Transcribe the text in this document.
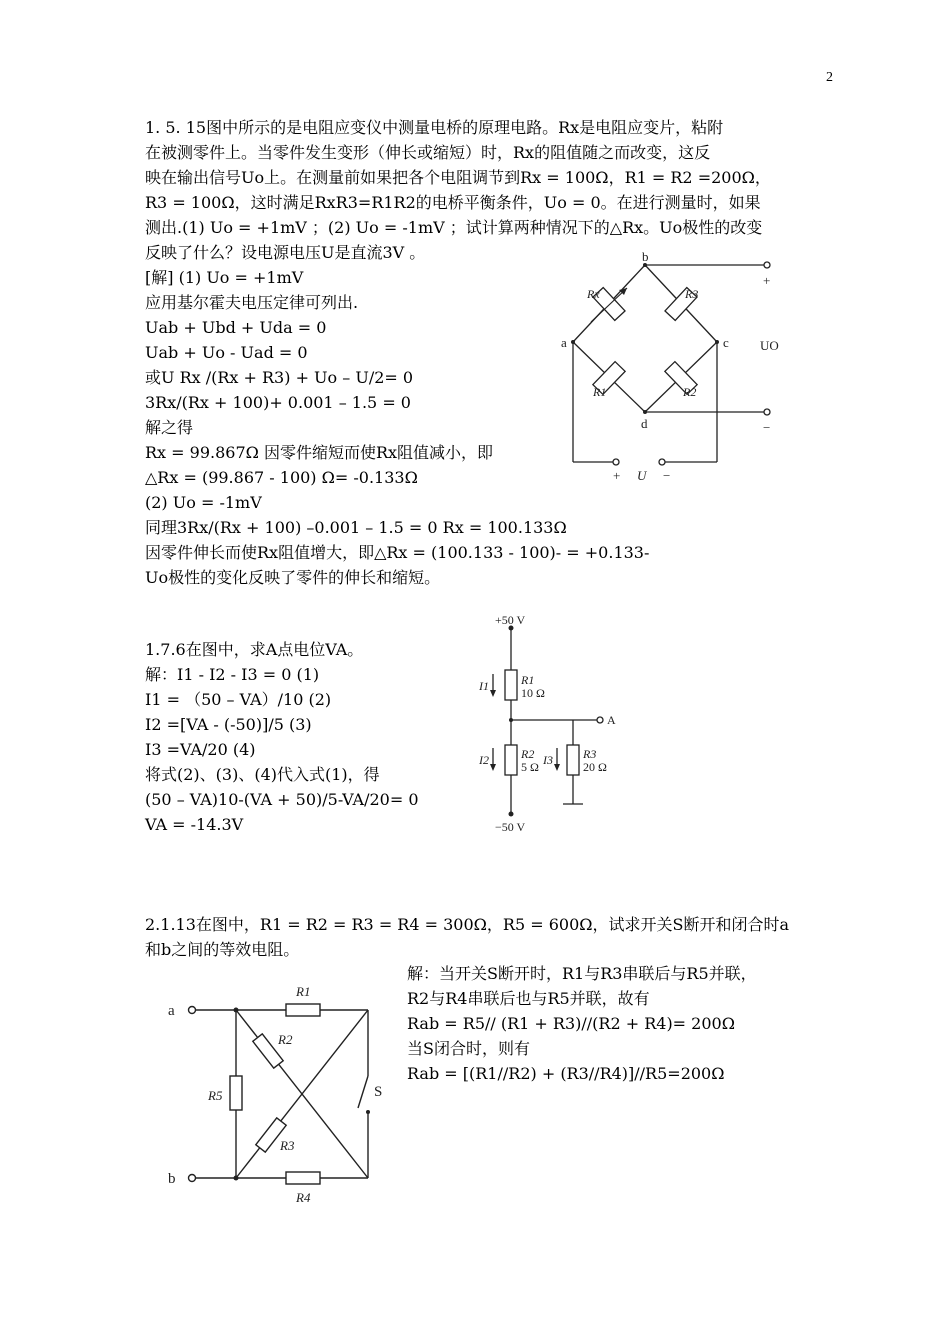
2
1. 5. 15图中所示的是电阻应变仪中测量电桥的原理电路。Rx是电阻应变片，粘附
在被测零件上。当零件发生变形（伸长或缩短）时，Rx的阻值随之而改变，这反
映在输出信号Uo上。在测量前如果把各个电阻调节到Rx = 100Ω，R1 = R2 =200Ω，
R3 = 100Ω，这时满足RxR3=R1R2的电桥平衡条件，Uo = 0。在进行测量时，如果
测出.(1) Uo = +1mV ；(2) Uo = -1mV ；试计算两种情况下的△Rx。Uo极性的改变
反映了什么？设电源电压U是直流3V 。
[解] (1) Uo = +1mV
应用基尔霍夫电压定律可列出.
Uab + Ubd + Uda = 0
Uab + Uo - Uad = 0
或U Rx /(Rx + R3) + Uo – U/2= 0
3Rx/(Rx + 100)+ 0.001 – 1.5 = 0
解之得
Rx = 99.867Ω 因零件缩短而使Rx阻值减小，即
△Rx = (99.867 - 100) Ω= -0.133Ω
(2) Uo = -1mV
同理3Rx/(Rx + 100) –0.001 – 1.5 = 0 Rx = 100.133Ω
因零件伸长而使Rx阻值增大，即△Rx = (100.133 - 100)- = +0.133-
Uo极性的变化反映了零件的伸长和缩短。
b
a	c
d
Rx	R3
R1	R2
UO
+
−
+ U −
1.7.6在图中，求A点电位VA。
解：I1 - I2 - I3 = 0 (1)
I1 = （50 – VA）/10 (2)
I2 =[VA - (-50)]/5 (3)
I3 =VA/20 (4)
将式(2)、(3)、(4)代入式(1)，得
(50 – VA)10-(VA + 50)/5-VA/20= 0
VA = -14.3V
+50 V
−50 V
A
R1
10 Ω
R2
5 Ω
R3
20 Ω
I1
I2	I3
2.1.13在图中，R1 = R2 = R3 = R4 = 300Ω，R5 = 600Ω，试求开关S断开和闭合时a
和b之间的等效电阻。
解：当开关S断开时，R1与R3串联后与R5并联，
R2与R4串联后也与R5并联，故有
Rab = R5// (R1 + R3)//(R2 + R4)= 200Ω
当S闭合时，则有
Rab = [(R1//R2) + (R3//R4)]//R5=200Ω
a
b
S
R1
R2
R5
R3
R4
